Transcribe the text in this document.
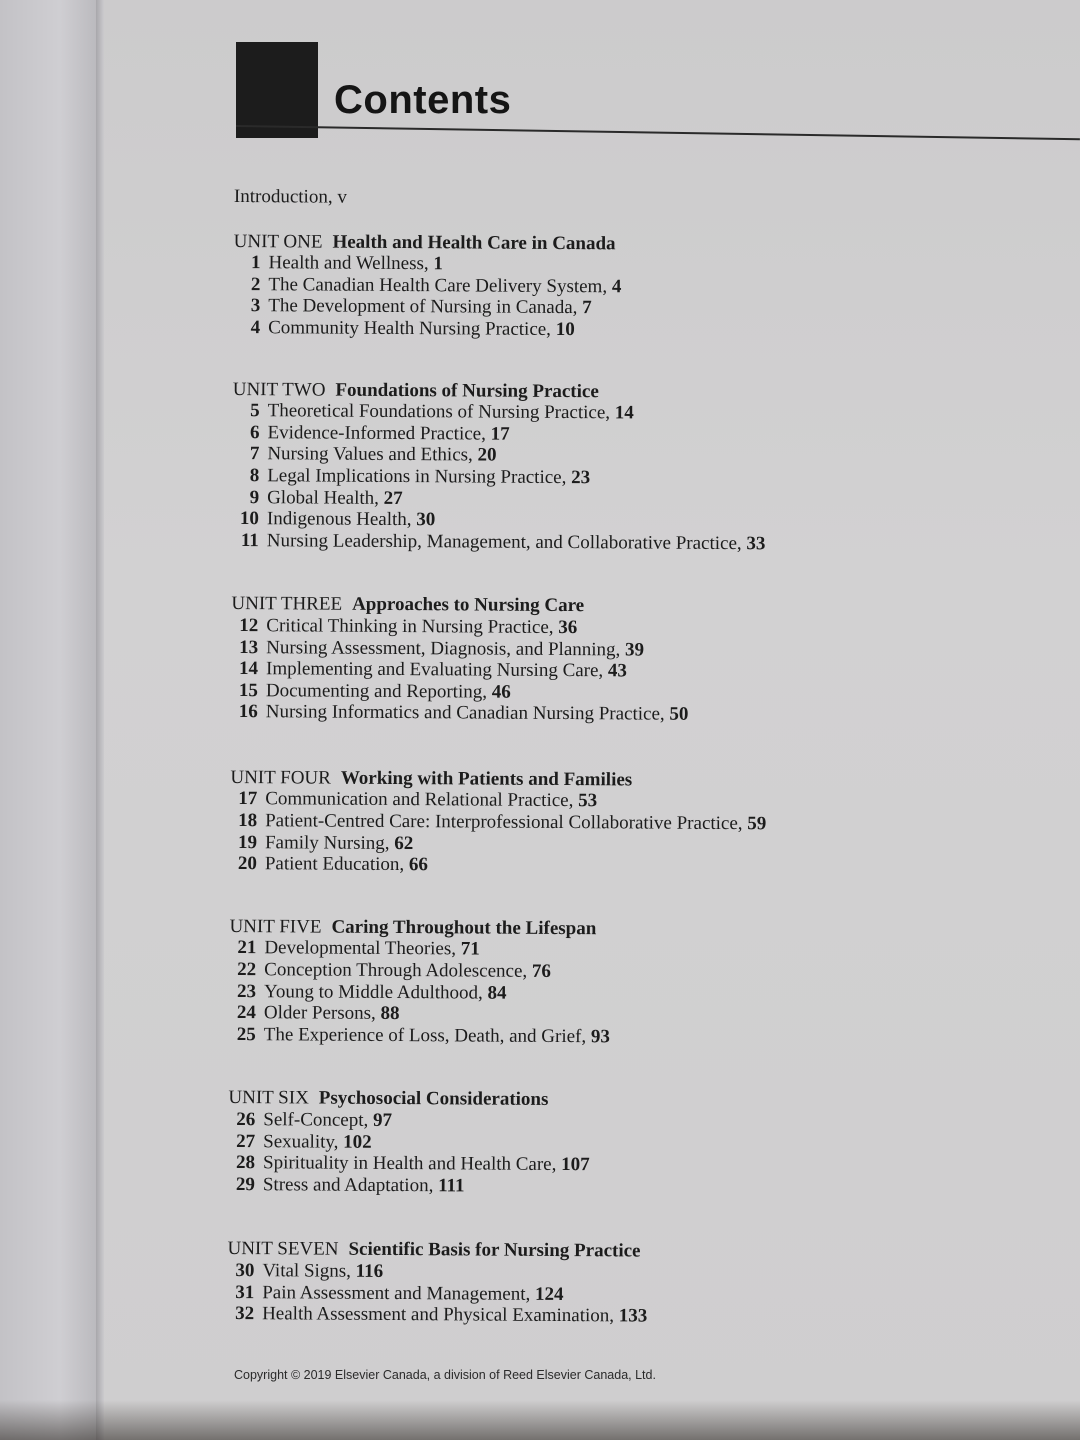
Contents
Introduction, v
UNIT ONE Health and Health Care in Canada
1 Health and Wellness, 1
2 The Canadian Health Care Delivery System, 4
3 The Development of Nursing in Canada, 7
4 Community Health Nursing Practice, 10
UNIT TWO Foundations of Nursing Practice
5 Theoretical Foundations of Nursing Practice, 14
6 Evidence-Informed Practice, 17
7 Nursing Values and Ethics, 20
8 Legal Implications in Nursing Practice, 23
9 Global Health, 27
10 Indigenous Health, 30
11 Nursing Leadership, Management, and Collaborative Practice, 33
UNIT THREE Approaches to Nursing Care
12 Critical Thinking in Nursing Practice, 36
13 Nursing Assessment, Diagnosis, and Planning, 39
14 Implementing and Evaluating Nursing Care, 43
15 Documenting and Reporting, 46
16 Nursing Informatics and Canadian Nursing Practice, 50
UNIT FOUR Working with Patients and Families
17 Communication and Relational Practice, 53
18 Patient-Centred Care: Interprofessional Collaborative Practice, 59
19 Family Nursing, 62
20 Patient Education, 66
UNIT FIVE Caring Throughout the Lifespan
21 Developmental Theories, 71
22 Conception Through Adolescence, 76
23 Young to Middle Adulthood, 84
24 Older Persons, 88
25 The Experience of Loss, Death, and Grief, 93
UNIT SIX Psychosocial Considerations
26 Self-Concept, 97
27 Sexuality, 102
28 Spirituality in Health and Health Care, 107
29 Stress and Adaptation, 111
UNIT SEVEN Scientific Basis for Nursing Practice
30 Vital Signs, 116
31 Pain Assessment and Management, 124
32 Health Assessment and Physical Examination, 133
Copyright © 2019 Elsevier Canada, a division of Reed Elsevier Canada, Ltd.
